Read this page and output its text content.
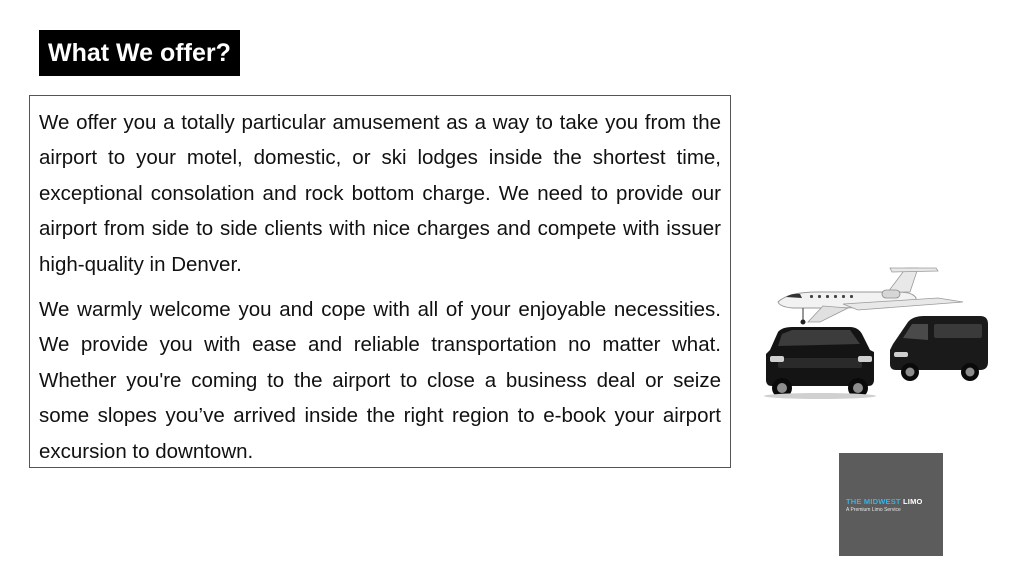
What We offer?

We offer you a totally particular amusement as a way to take you from the airport to your motel, domestic, or ski lodges inside the shortest time, exceptional consolation and rock bottom charge. We need to provide our airport from side to side clients with nice charges and compete with issuer high-quality in Denver.

We warmly welcome you and cope with all of your enjoyable necessities. We provide you with ease and reliable transportation no matter what. Whether you're coming to the airport to close a business deal or seize some slopes you’ve arrived inside the right region to e-book your airport excursion to downtown.

THE MIDWEST LIMO
A Premium Limo Service
